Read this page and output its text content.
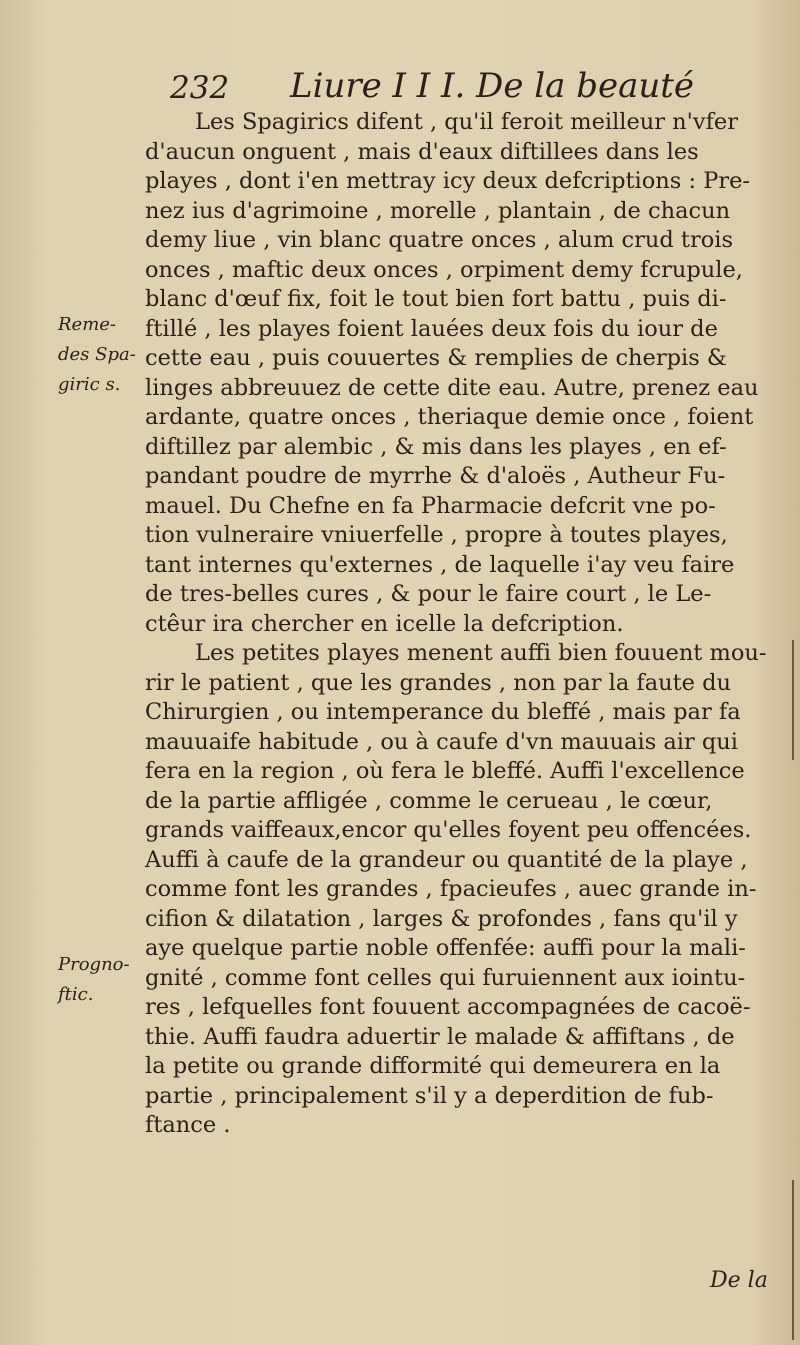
232 Liure I I I. De la beauté
Reme-
des Spa-
giric s.
Progno-
ftic.
Les Spagirics difent , qu'il feroit meilleur n'vfer
d'aucun onguent , mais d'eaux diftillees dans les
playes , dont i'en mettray icy deux defcriptions : Pre-
nez ius d'agrimoine , morelle , plantain , de chacun
demy liue , vin blanc quatre onces , alum crud trois
onces , maftic deux onces , orpiment demy fcrupule,
blanc d'œuf fix, foit le tout bien fort battu , puis di-
ftillé , les playes foient lauées deux fois du iour de
cette eau , puis couuertes & remplies de cherpis &
linges abbreuuez de cette dite eau. Autre, prenez eau
ardante, quatre onces , theriaque demie once , foient
diftillez par alembic , & mis dans les playes , en ef-
pandant poudre de myrrhe & d'aloës , Autheur Fu-
mauel. Du Chefne en fa Pharmacie defcrit vne po-
tion vulneraire vniuerfelle , propre à toutes playes,
tant internes qu'externes , de laquelle i'ay veu faire
de tres-belles cures , & pour le faire court , le Le-
ctêur ira chercher en icelle la defcription.
Les petites playes menent auffi bien fouuent mou-
rir le patient , que les grandes , non par la faute du
Chirurgien , ou intemperance du bleffé , mais par fa
mauuaife habitude , ou à caufe d'vn mauuais air qui
fera en la region , où fera le bleffé. Auffi l'excellence
de la partie affligée , comme le cerueau , le cœur,
grands vaiffeaux,encor qu'elles foyent peu offencées.
Auffi à caufe de la grandeur ou quantité de la playe ,
comme font les grandes , fpacieufes , auec grande in-
cifion & dilatation , larges & profondes , fans qu'il y
aye quelque partie noble offenfée: auffi pour la mali-
gnité , comme font celles qui furuiennent aux iointu-
res , lefquelles font fouuent accompagnées de cacoë-
thie. Auffi faudra aduertir le malade & affiftans , de
la petite ou grande difformité qui demeurera en la
partie , principalement s'il y a deperdition de fub-
ftance .
De la
